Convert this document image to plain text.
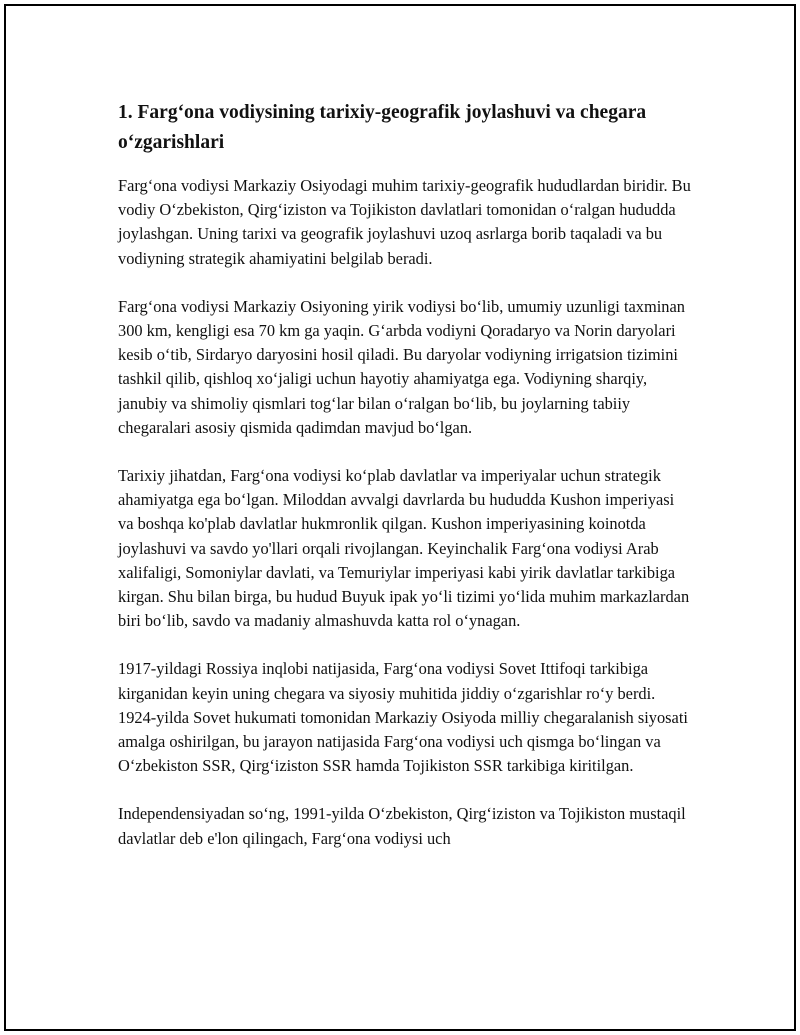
1. Farg‘ona vodiysining tarixiy-geografik joylashuvi va chegara o‘zgarishlari

Farg‘ona vodiysi Markaziy Osiyodagi muhim tarixiy-geografik hududlardan biridir. Bu vodiy O‘zbekiston, Qirg‘iziston va Tojikiston davlatlari tomonidan o‘ralgan hududda joylashgan. Uning tarixi va geografik joylashuvi uzoq asrlarga borib taqaladi va bu vodiyning strategik ahamiyatini belgilab beradi.

Farg‘ona vodiysi Markaziy Osiyoning yirik vodiysi bo‘lib, umumiy uzunligi taxminan 300 km, kengligi esa 70 km ga yaqin. G‘arbda vodiyni Qoradaryo va Norin daryolari kesib o‘tib, Sirdaryo daryosini hosil qiladi. Bu daryolar vodiyning irrigatsion tizimini tashkil qilib, qishloq xo‘jaligi uchun hayotiy ahamiyatga ega. Vodiyning sharqiy, janubiy va shimoliy qismlari tog‘lar bilan o‘ralgan bo‘lib, bu joylarning tabiiy chegaralari asosiy qismida qadimdan mavjud bo‘lgan.

Tarixiy jihatdan, Farg‘ona vodiysi ko‘plab davlatlar va imperiyalar uchun strategik ahamiyatga ega bo‘lgan. Miloddan avvalgi davrlarda bu hududda Kushon imperiyasi va boshqa ko'plab davlatlar hukmronlik qilgan. Kushon imperiyasining koinotda joylashuvi va savdo yo'llari orqali rivojlangan. Keyinchalik Farg‘ona vodiysi Arab xalifaligi, Somoniylar davlati, va Temuriylar imperiyasi kabi yirik davlatlar tarkibiga kirgan. Shu bilan birga, bu hudud Buyuk ipak yo‘li tizimi yo‘lida muhim markazlardan biri bo‘lib, savdo va madaniy almashuvda katta rol o‘ynagan.

1917-yildagi Rossiya inqlobi natijasida, Farg‘ona vodiysi Sovet Ittifoqi tarkibiga kirganidan keyin uning chegara va siyosiy muhitida jiddiy o‘zgarishlar ro‘y berdi. 1924-yilda Sovet hukumati tomonidan Markaziy Osiyoda milliy chegaralanish siyosati amalga oshirilgan, bu jarayon natijasida Farg‘ona vodiysi uch qismga bo‘lingan va O‘zbekiston SSR, Qirg‘iziston SSR hamda Tojikiston SSR tarkibiga kiritilgan.

Independensiyadan so‘ng, 1991-yilda O‘zbekiston, Qirg‘iziston va Tojikiston mustaqil davlatlar deb e'lon qilingach, Farg‘ona vodiysi uch
